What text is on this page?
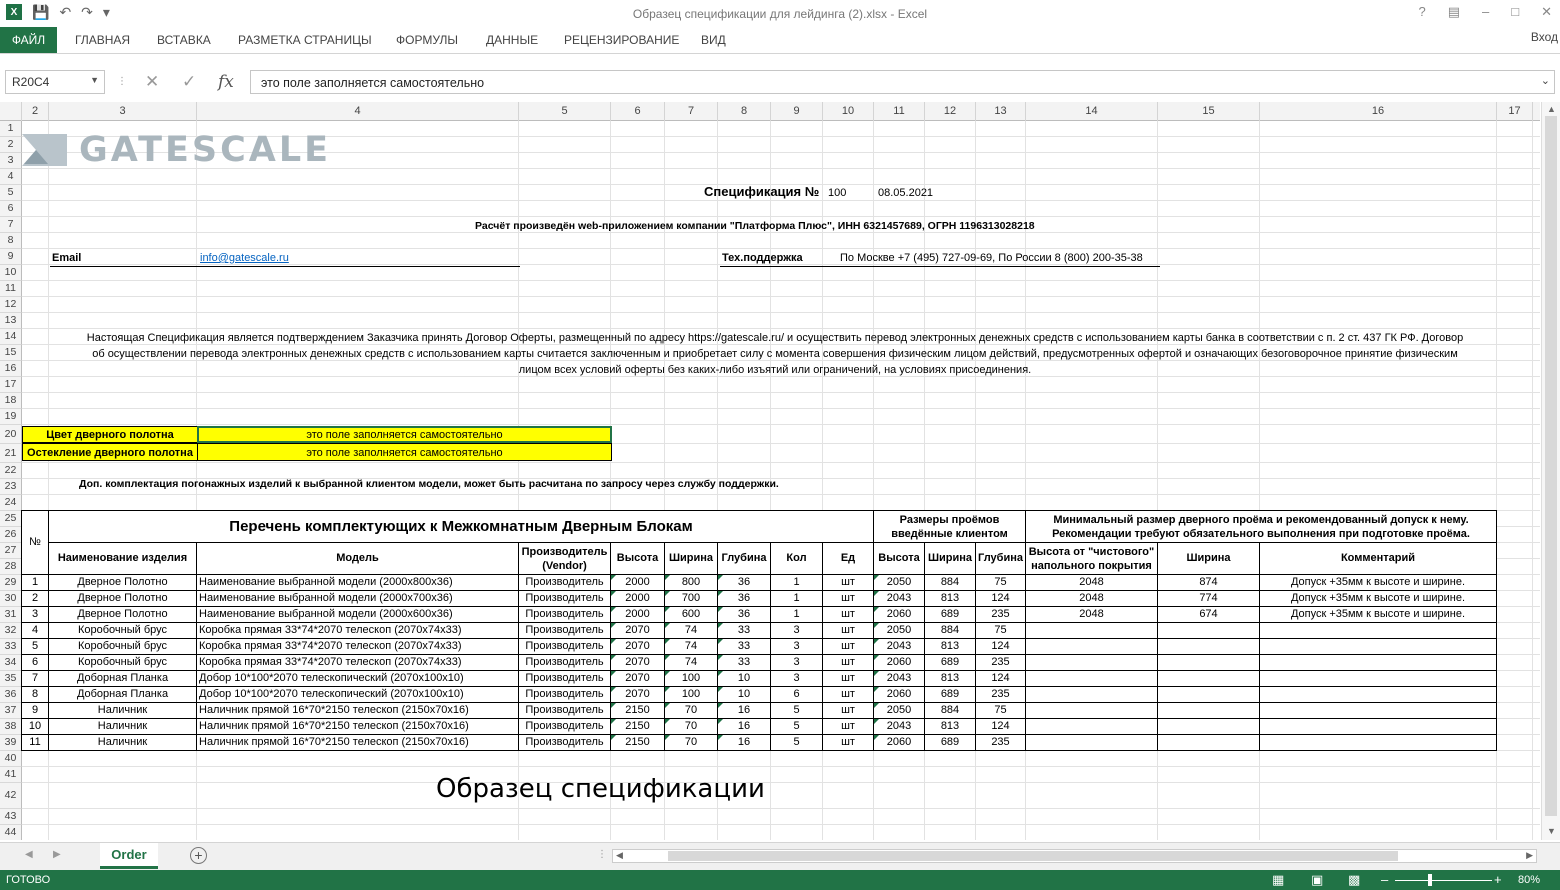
X	💾 ↶ ↷ ▾	Образец спецификации для лейдинга (2).xlsx - Excel	? ▤ – □ ✕
ГЛАВНАЯ ВСТАВКА РАЗМЕТКА СТРАНИЦЫ ФОРМУЛЫ ДАННЫЕ РЕЦЕНЗИРОВАНИЕ ВИД
ФАЙЛ	Вход
R20C4	▼ ⋮ ✕ ✓ fx	это поле заполняется самостоятельно	⌄
2	3	4	5	6	7	8	9	10	11	12	13	14	15	16	17
1
2
3
4
5
6
7
8
9
10
11
12
13
14
15
16
17
18
19
20
21
22
23
24
25
26
27
28
29
30
31
32
33
34
35
36
37
38
39
40
41
42
43
44
GATESCALE
Спецификация № 100	08.05.2021
Расчёт произведён web-приложением компании "Платформа Плюс", ИНН 6321457689, ОГРН 1196313028218
Email	info@gatescale.ru	Тех.поддержка	По Москве +7 (495) 727-09-69, По России 8 (800) 200-35-38
Настоящая Спецификация является подтверждением Заказчика принять Договор Оферты, размещенный по адресу https://gatescale.ru/ и осуществить перевод электронных денежных средств с использованием карты банка в соответствии с п. 2 ст. 437 ГК РФ. Договор
об осуществлении перевода электронных денежных средств с использованием карты считается заключенным и приобретает силу с момента совершения физическим лицом действий, предусмотренных офертой и означающих безоговорочное принятие физическим
лицом всех условий оферты без каких-либо изъятий или ограничений, на условиях присоединения.
Цвет дверного полотна	это поле заполняется самостоятельно
Остекление дверного полотна	это поле заполняется самостоятельно
Доп. комплектация погонажных изделий к выбранной клиентом модели, может быть расчитана по запросу через службу поддержки.
№
Перечень комплектующих к Межкомнатным Дверным Блокам	Размеры проёмов введённые клиентом
Минимальный размер дверного проёма и рекомендованный допуск к нему. Рекомендации требуют обязательного выполнения при подготовке проёма.
Наименование изделия	Модель
Производитель (Vendor)
Высота Ширина Глубина Кол	Ед Высота Ширина Глубина
Высота от "чистового" напольного покрытия
Ширина	Комментарий
1	Дверное Полотно	Наименование выбранной модели (2000x800x36)	Производитель 2000	800	36	1	шт	2050	884	75	2048	874	Допуск +35мм к высоте и ширине.
2	Дверное Полотно	Наименование выбранной модели (2000x700x36)	Производитель 2000	700	36	1	шт	2043	813	124	2048	774	Допуск +35мм к высоте и ширине.
3	Дверное Полотно	Наименование выбранной модели (2000x600x36)	Производитель 2000	600	36	1	шт	2060	689	235	2048	674	Допуск +35мм к высоте и ширине.
4	Коробочный брус	Коробка прямая 33*74*2070 телескоп (2070x74x33)	Производитель 2070	74	33	3	шт	2050	884	75
5	Коробочный брус	Коробка прямая 33*74*2070 телескоп (2070x74x33)	Производитель 2070	74	33	3	шт	2043	813	124
6	Коробочный брус	Коробка прямая 33*74*2070 телескоп (2070x74x33)	Производитель 2070	74	33	3	шт	2060	689	235
7	Доборная Планка	Добор 10*100*2070 телескопический (2070x100x10)	Производитель 2070	100	10	3	шт	2043	813	124
8	Доборная Планка	Добор 10*100*2070 телескопический (2070x100x10)	Производитель 2070	100	10	6	шт	2060	689	235
9	Наличник	Наличник прямой 16*70*2150 телескоп (2150x70x16)	Производитель 2150	70	16	5	шт	2050	884	75
10	Наличник	Наличник прямой 16*70*2150 телескоп (2150x70x16)	Производитель 2150	70	16	5	шт	2043	813	124
11	Наличник	Наличник прямой 16*70*2150 телескоп (2150x70x16)	Производитель 2150	70	16	5	шт	2060	689	235
Образец спецификации
▲
▼
◀ ▶	Order	+	⋮ ◀	▶
ГОТОВО	▦ ▣ ▩ –	+ 80%
